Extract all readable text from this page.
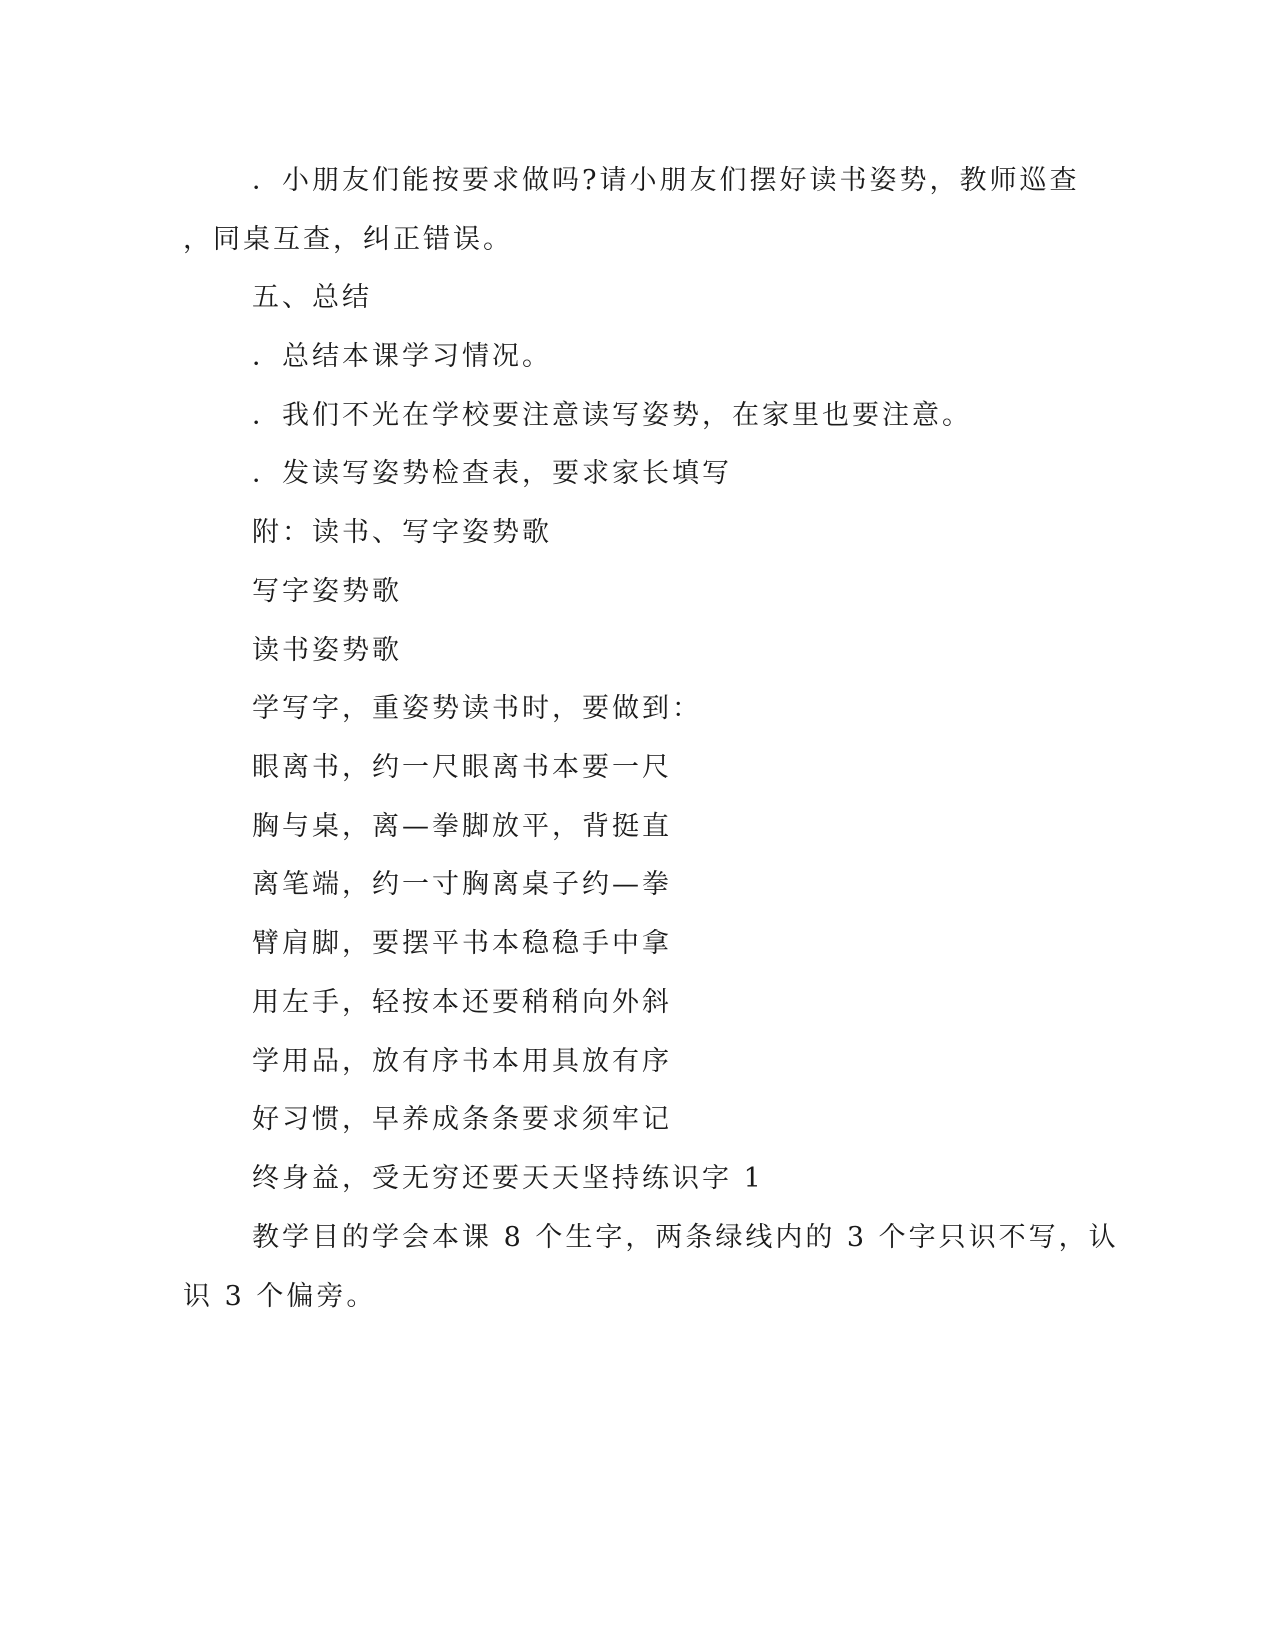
．小朋友们能按要求做吗?请小朋友们摆好读书姿势，教师巡查
，同桌互查，纠正错误。
五、总结
．总结本课学习情况。
．我们不光在学校要注意读写姿势，在家里也要注意。
．发读写姿势检查表，要求家长填写
附：读书、写字姿势歌
写字姿势歌
读书姿势歌
学写字，重姿势读书时，要做到：
眼离书，约一尺眼离书本要一尺
胸与桌，离—拳脚放平，背挺直
离笔端，约一寸胸离桌子约—拳
臂肩脚，要摆平书本稳稳手中拿
用左手，轻按本还要稍稍向外斜
学用品，放有序书本用具放有序
好习惯，早养成条条要求须牢记
终身益，受无穷还要天天坚持练识字 1
教学目的学会本课 8 个生字，两条绿线内的 3 个字只识不写，认
识 3 个偏旁。
